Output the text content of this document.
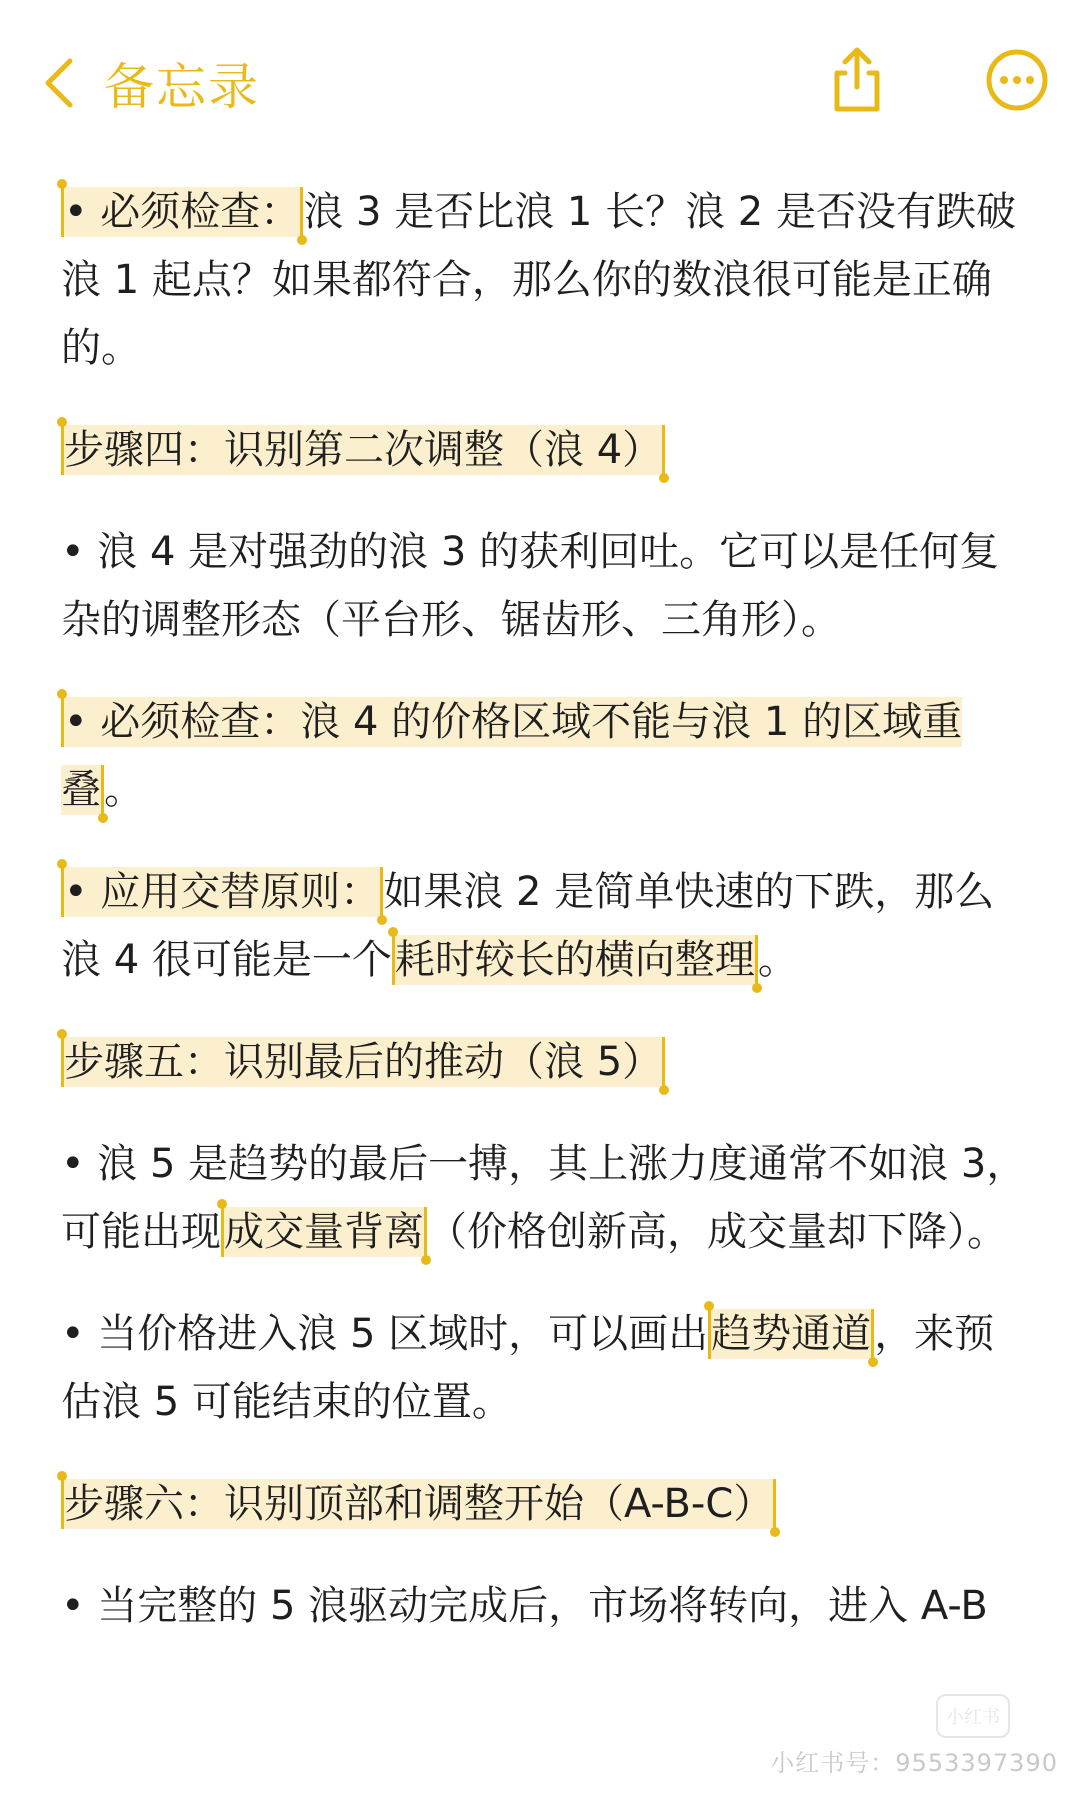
备忘录

• 必须检查：浪 3 是否比浪 1 长？浪 2 是否没有跌破浪 1 起点？如果都符合，那么你的数浪很可能是正确的。

步骤四：识别第二次调整（浪 4）

• 浪 4 是对强劲的浪 3 的获利回吐。它可以是任何复杂的调整形态（平台形、锯齿形、三角形）。

• 必须检查：浪 4 的价格区域不能与浪 1 的区域重叠。

• 应用交替原则：如果浪 2 是简单快速的下跌，那么浪 4 很可能是一个耗时较长的横向整理。

步骤五：识别最后的推动（浪 5）

• 浪 5 是趋势的最后一搏，其上涨力度通常不如浪 3，可能出现成交量背离（价格创新高，成交量却下降）。

• 当价格进入浪 5 区域时，可以画出趋势通道，来预估浪 5 可能结束的位置。

步骤六：识别顶部和调整开始（A-B-C）

• 当完整的 5 浪驱动完成后，市场将转向，进入 A-B

小红书
小红书号：9553397390
